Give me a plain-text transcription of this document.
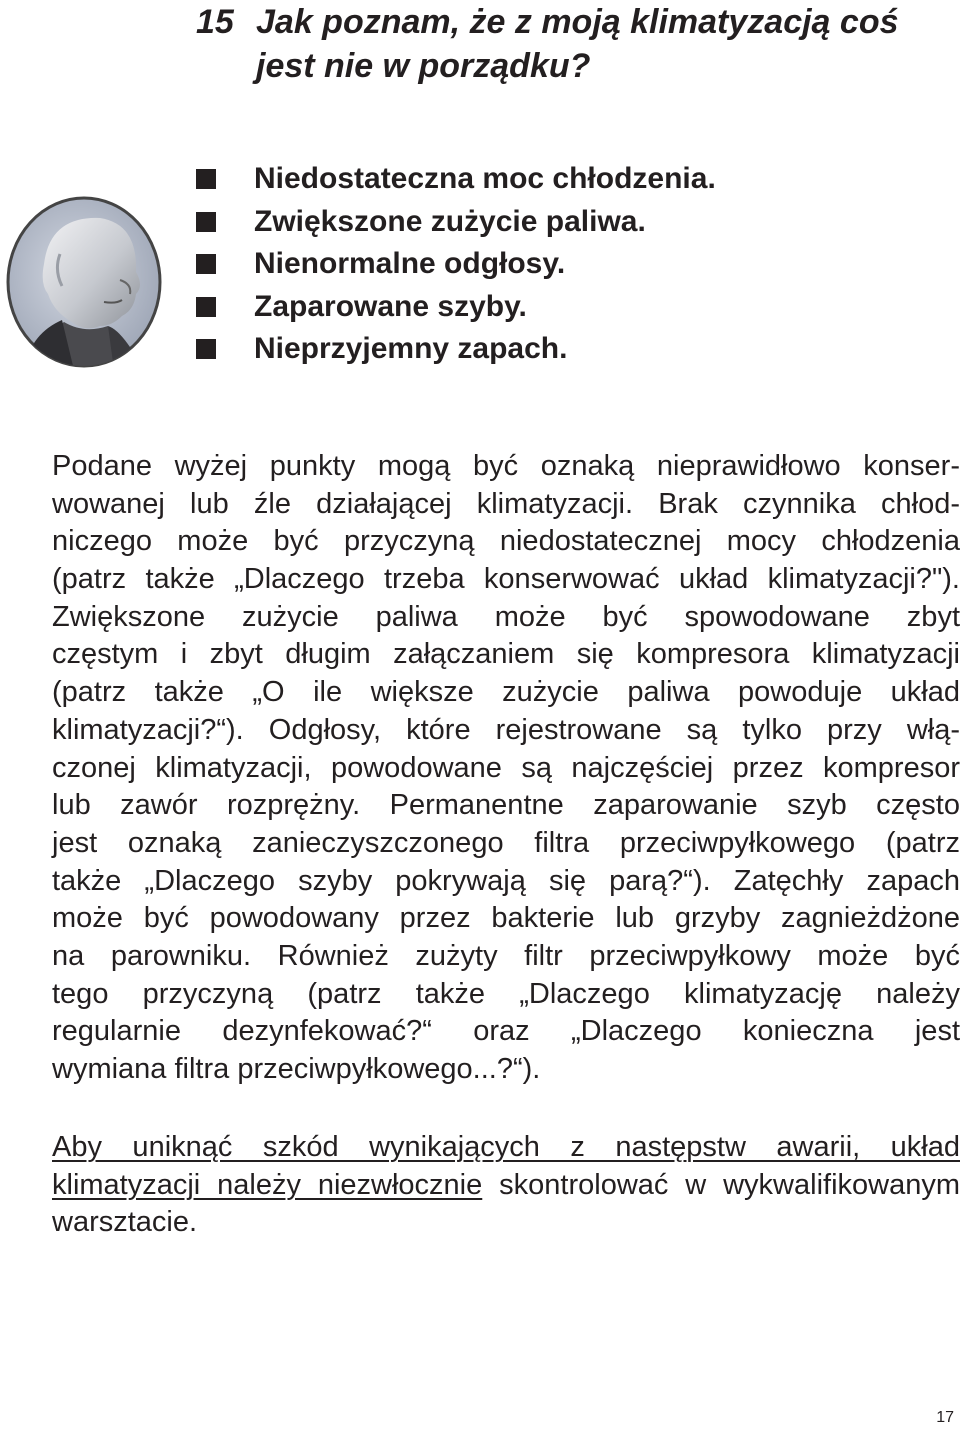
15 Jak poznam, że z moją klimatyzacją coś
jest nie w porządku?
Niedostateczna moc chłodzenia.
Zwiększone zużycie paliwa.
Nienormalne odgłosy.
Zaparowane szyby.
Nieprzyjemny zapach.
Podane wyżej punkty mogą być oznaką nieprawidłowo konser-
wowanej lub źle działającej klimatyzacji. Brak czynnika chłod-
niczego może być przyczyną niedostatecznej mocy chłodzenia
(patrz także „Dlaczego trzeba konserwować układ klimatyzacji?").
Zwiększone zużycie paliwa może być spowodowane zbyt
częstym i zbyt długim załączaniem się kompresora klimatyzacji
(patrz także „O ile większe zużycie paliwa powoduje układ
klimatyzacji?“). Odgłosy, które rejestrowane są tylko przy włą-
czonej klimatyzacji, powodowane są najczęściej przez kompresor
lub zawór rozprężny. Permanentne zaparowanie szyb często
jest oznaką zanieczyszczonego filtra przeciwpyłkowego (patrz
także „Dlaczego szyby pokrywają się parą?“). Zatęchły zapach
może być powodowany przez bakterie lub grzyby zagnieżdżone
na parowniku. Również zużyty filtr przeciwpyłkowy może być
tego przyczyną (patrz także „Dlaczego klimatyzację należy
regularnie dezynfekować?“ oraz „Dlaczego konieczna jest
wymiana filtra przeciwpyłkowego...?“).
Aby uniknąć szkód wynikających z następstw awarii, układ
klimatyzacji należy niezwłocznie skontrolować w wykwalifikowanym
warsztacie.
17
